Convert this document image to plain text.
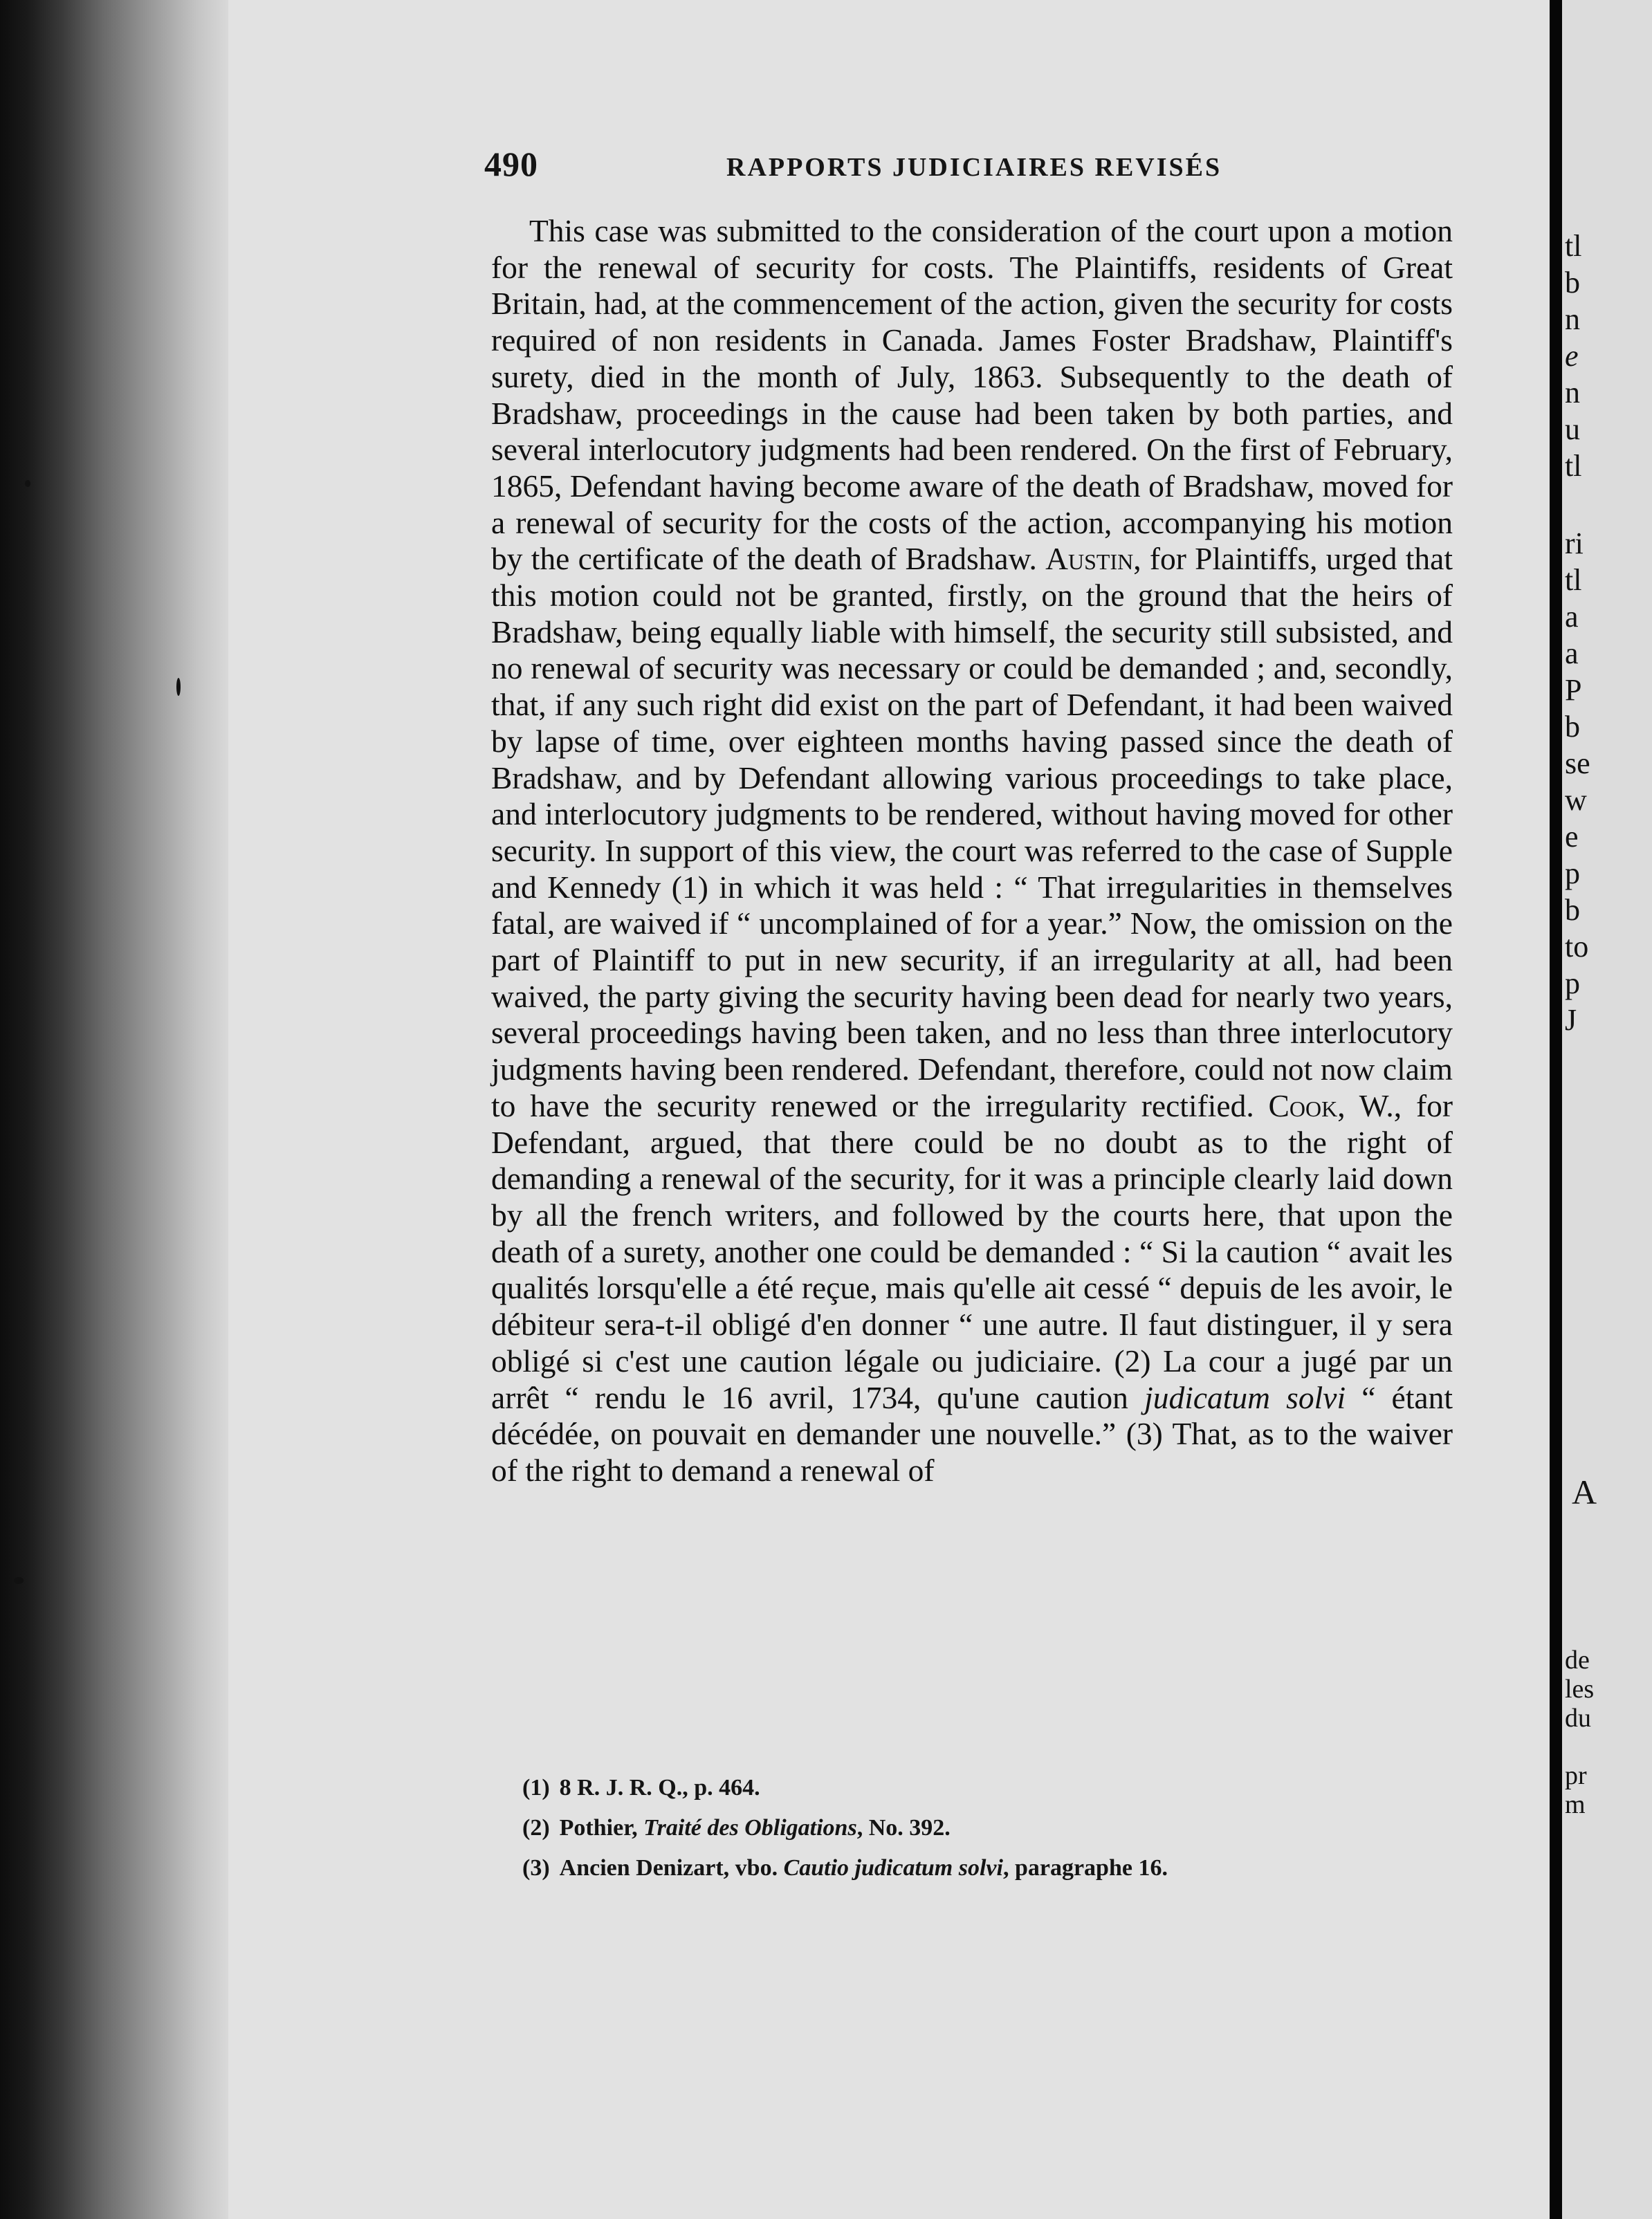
490	RAPPORTS JUDICIAIRES REVISÉS

This case was submitted to the consideration of the court upon a motion for the renewal of security for costs. The Plaintiffs, residents of Great Britain, had, at the commencement of the action, given the security for costs required of non residents in Canada. James Foster Bradshaw, Plaintiff's surety, died in the month of July, 1863. Subsequently to the death of Bradshaw, proceedings in the cause had been taken by both parties, and several interlocutory judgments had been rendered. On the first of February, 1865, Defendant having become aware of the death of Bradshaw, moved for a renewal of security for the costs of the action, accompanying his motion by the certificate of the death of Bradshaw. Austin, for Plaintiffs, urged that this motion could not be granted, firstly, on the ground that the heirs of Bradshaw, being equally liable with himself, the security still subsisted, and no renewal of security was necessary or could be demanded ; and, secondly, that, if any such right did exist on the part of Defendant, it had been waived by lapse of time, over eighteen months having passed since the death of Bradshaw, and by Defendant allowing various proceedings to take place, and interlocutory judgments to be rendered, without having moved for other security. In support of this view, the court was referred to the case of Supple and Kennedy (1) in which it was held : “ That irregularities in themselves fatal, are waived if “ uncomplained of for a year.” Now, the omission on the part of Plaintiff to put in new security, if an irregularity at all, had been waived, the party giving the security having been dead for nearly two years, several proceedings having been taken, and no less than three interlocutory judgments having been rendered. Defendant, therefore, could not now claim to have the security renewed or the irregularity rectified. Cook, W., for Defendant, argued, that there could be no doubt as to the right of demanding a renewal of the security, for it was a principle clearly laid down by all the french writers, and followed by the courts here, that upon the death of a surety, another one could be demanded : “ Si la caution “ avait les qualités lorsqu'elle a été reçue, mais qu'elle ait cessé “ depuis de les avoir, le débiteur sera-t-il obligé d'en donner “ une autre. Il faut distinguer, il y sera obligé si c'est une caution légale ou judiciaire. (2) La cour a jugé par un arrêt “ rendu le 16 avril, 1734, qu'une caution judicatum solvi “ étant décédée, on pouvait en demander une nouvelle.” (3) That, as to the waiver of the right to demand a renewal of

(1) 8 R. J. R. Q., p. 464.
(2) Pothier, Traité des Obligations, No. 392.
(3) Ancien Denizart, vbo. Cautio judicatum solvi, paragraphe 16.
tl
b
n
e
n
u
tl
ri
tl
a
a
P
b
se
w
e
p
b
to
p
J
A
de
les
du
pr
m
